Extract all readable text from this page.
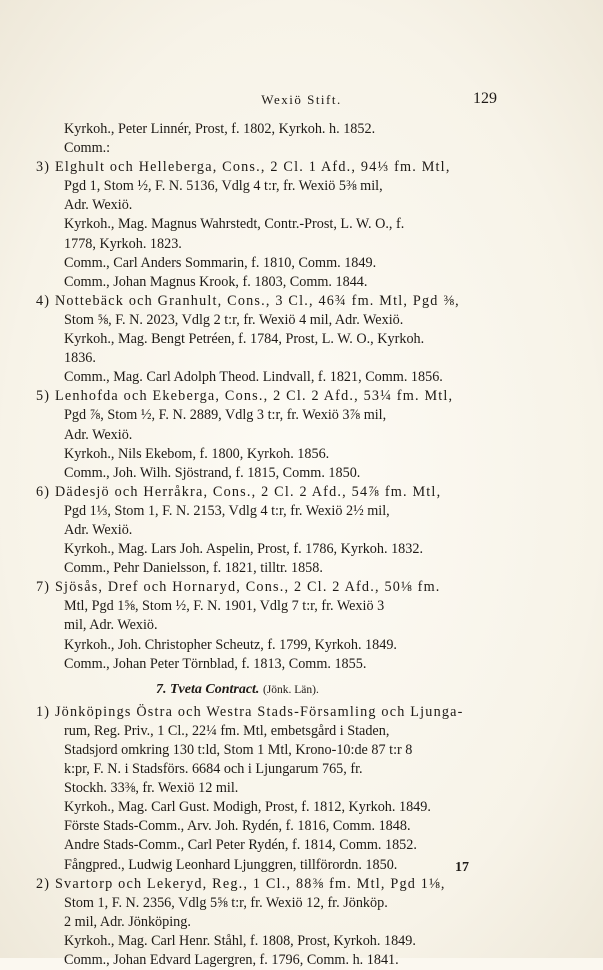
Wexiö Stift.	129
Kyrkoh., Peter Linnér, Prost, f. 1802, Kyrkoh. h. 1852.
Comm.:
3) Elghult och Helleberga, Cons., 2 Cl. 1 Afd., 94⅓ fm. Mtl,
Pgd 1, Stom ½, F. N. 5136, Vdlg 4 t:r, fr. Wexiö 5⅜ mil,
Adr. Wexiö.
Kyrkoh., Mag. Magnus Wahrstedt, Contr.-Prost, L. W. O., f.
1778, Kyrkoh. 1823.
Comm., Carl Anders Sommarin, f. 1810, Comm. 1849.
Comm., Johan Magnus Krook, f. 1803, Comm. 1844.
4) Nottebäck och Granhult, Cons., 3 Cl., 46¾ fm. Mtl, Pgd ⅜,
Stom ⅝, F. N. 2023, Vdlg 2 t:r, fr. Wexiö 4 mil, Adr. Wexiö.
Kyrkoh., Mag. Bengt Petréen, f. 1784, Prost, L. W. O., Kyrkoh.
1836.
Comm., Mag. Carl Adolph Theod. Lindvall, f. 1821, Comm. 1856.
5) Lenhofda och Ekeberga, Cons., 2 Cl. 2 Afd., 53¼ fm. Mtl,
Pgd ⅞, Stom ½, F. N. 2889, Vdlg 3 t:r, fr. Wexiö 3⅞ mil,
Adr. Wexiö.
Kyrkoh., Nils Ekebom, f. 1800, Kyrkoh. 1856.
Comm., Joh. Wilh. Sjöstrand, f. 1815, Comm. 1850.
6) Dädesjö och Herråkra, Cons., 2 Cl. 2 Afd., 54⅞ fm. Mtl,
Pgd 1⅓, Stom 1, F. N. 2153, Vdlg 4 t:r, fr. Wexiö 2½ mil,
Adr. Wexiö.
Kyrkoh., Mag. Lars Joh. Aspelin, Prost, f. 1786, Kyrkoh. 1832.
Comm., Pehr Danielsson, f. 1821, tilltr. 1858.
7) Sjösås, Dref och Hornaryd, Cons., 2 Cl. 2 Afd., 50⅛ fm.
Mtl, Pgd 1⅝, Stom ½, F. N. 1901, Vdlg 7 t:r, fr. Wexiö 3
mil, Adr. Wexiö.
Kyrkoh., Joh. Christopher Scheutz, f. 1799, Kyrkoh. 1849.
Comm., Johan Peter Törnblad, f. 1813, Comm. 1855.
7. Tveta Contract. (Jönk. Län).
1) Jönköpings Östra och Westra Stads-Församling och Ljunga-
rum, Reg. Priv., 1 Cl., 22¼ fm. Mtl, embetsgård i Staden,
Stadsjord omkring 130 t:ld, Stom 1 Mtl, Krono-10:de 87 t:r 8
k:pr, F. N. i Stadsförs. 6684 och i Ljungarum 765, fr.
Stockh. 33⅜, fr. Wexiö 12 mil.
Kyrkoh., Mag. Carl Gust. Modigh, Prost, f. 1812, Kyrkoh. 1849.
Förste Stads-Comm., Arv. Joh. Rydén, f. 1816, Comm. 1848.
Andre Stads-Comm., Carl Peter Rydén, f. 1814, Comm. 1852.
Fångpred., Ludwig Leonhard Ljunggren, tillförordn. 1850.
2) Svartorp och Lekeryd, Reg., 1 Cl., 88⅜ fm. Mtl, Pgd 1⅛,
Stom 1, F. N. 2356, Vdlg 5⅝ t:r, fr. Wexiö 12, fr. Jönköp.
2 mil, Adr. Jönköping.
Kyrkoh., Mag. Carl Henr. Ståhl, f. 1808, Prost, Kyrkoh. 1849.
Comm., Johan Edvard Lagergren, f. 1796, Comm. h. 1841.
17
